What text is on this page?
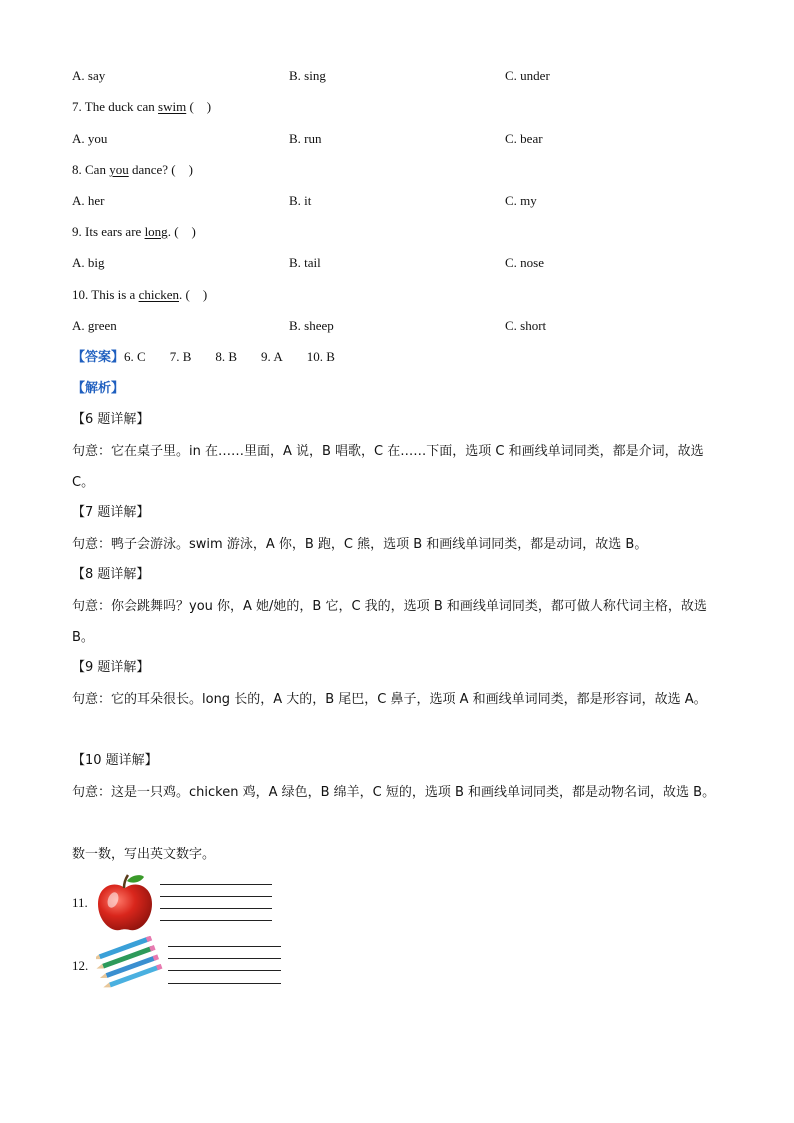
A. say	B. sing	C. under
7. The duck can swim (    )
A. you	B. run	C. bear
8. Can you dance? (    )
A. her	B. it	C. my
9. Its ears are long. (    )
A. big	B. tail	C. nose
10. This is a chicken. (    )
A. green	B. sheep	C. short
【答案】6. C 7. B 8. B 9. A 10. B
【解析】
【6 题详解】
句意：它在桌子里。in 在……里面，A 说，B 唱歌，C 在……下面，选项 C 和画线单词同类，都是介词，故选 C。
【7 题详解】
句意：鸭子会游泳。swim 游泳，A 你，B 跑，C 熊，选项 B 和画线单词同类，都是动词，故选 B。
【8 题详解】
句意：你会跳舞吗？you 你，A 她/她的，B 它，C 我的，选项 B 和画线单词同类，都可做人称代词主格，故选 B。
【9 题详解】
句意：它的耳朵很长。long 长的，A 大的，B 尾巴，C 鼻子，选项 A 和画线单词同类，都是形容词，故选 A。
【10 题详解】
句意：这是一只鸡。chicken 鸡，A 绿色，B 绵羊，C 短的，选项 B 和画线单词同类，都是动物名词，故选 B。
数一数，写出英文数字。
11.
12.
